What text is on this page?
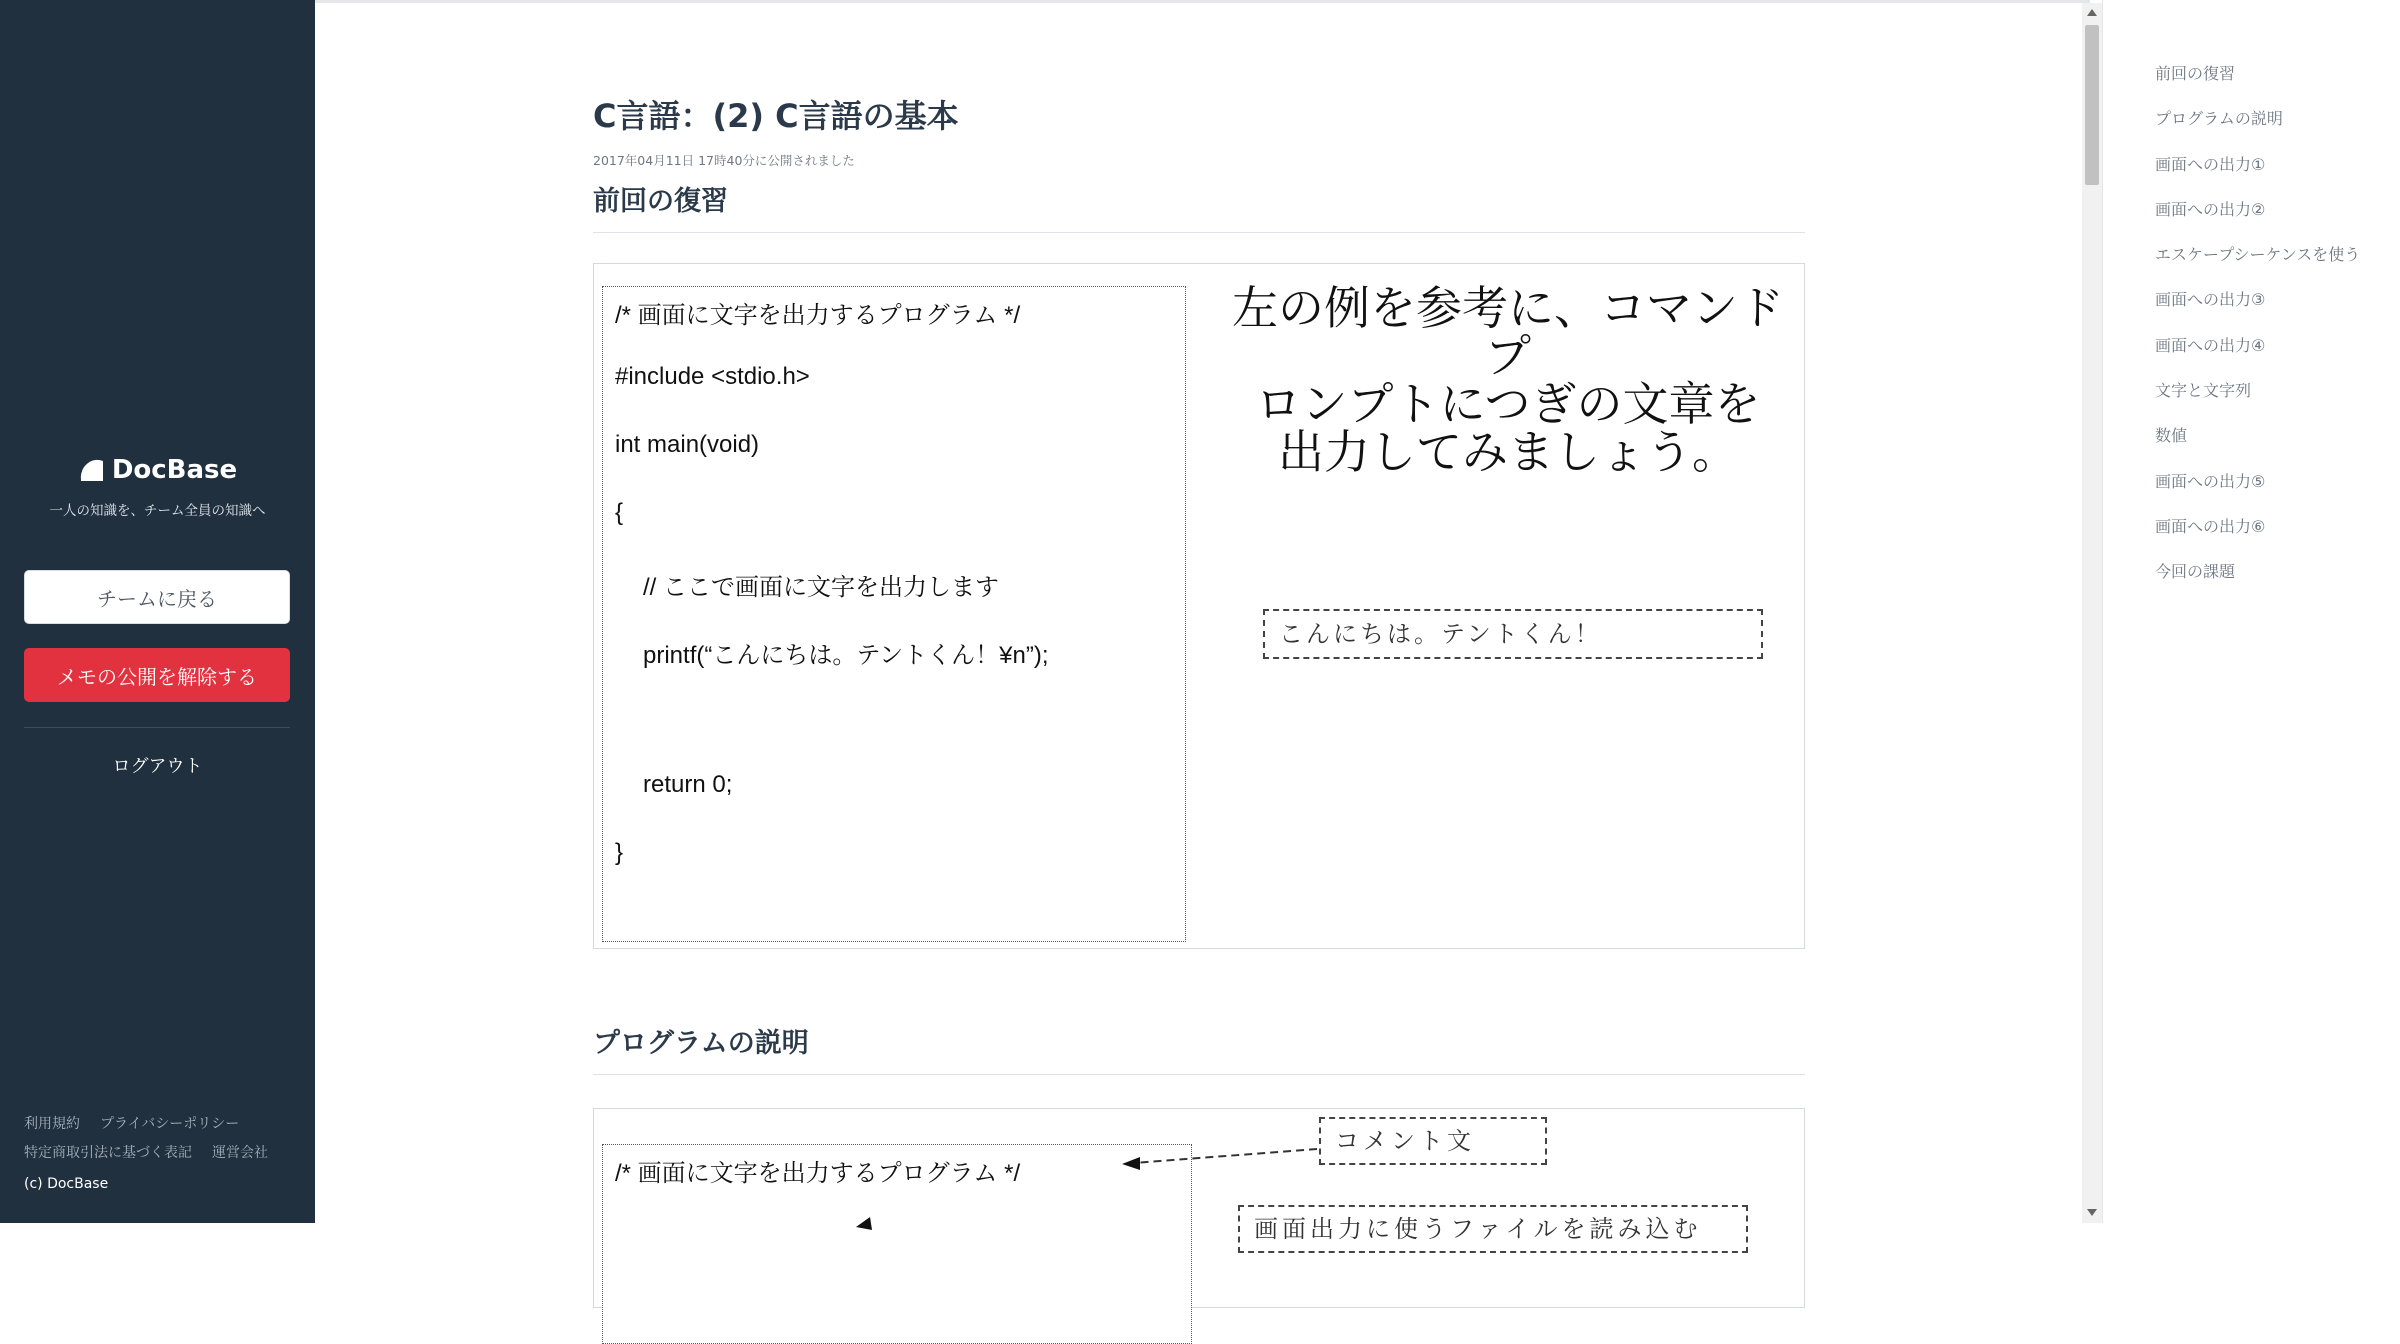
DocBase
一人の知識を、チーム全員の知識へ
チームに戻る
メモの公開を解除する
ログアウト
利用規約 プライバシーポリシー
特定商取引法に基づく表記 運営会社
(c) DocBase
C言語：(2) C言語の基本
2017年04月11日 17時40分に公開されました
前回の復習
/* 画面に文字を出力するプログラム */
#include <stdio.h>
int main(void)
{
// ここで画面に文字を出力します
printf(“こんにちは。テントくん！¥n”);
return 0;
}
左の例を参考に、コマンドプ
ロンプトにつぎの文章を
出力してみましょう。
こんにちは。テントくん！
プログラムの説明
/* 画面に文字を出力するプログラム */
コメント文
画面出力に使うファイルを読み込む
前回の復習
プログラムの説明
画面への出力①
画面への出力②
エスケープシーケンスを使う
画面への出力③
画面への出力④
文字と文字列
数値
画面への出力⑤
画面への出力⑥
今回の課題
